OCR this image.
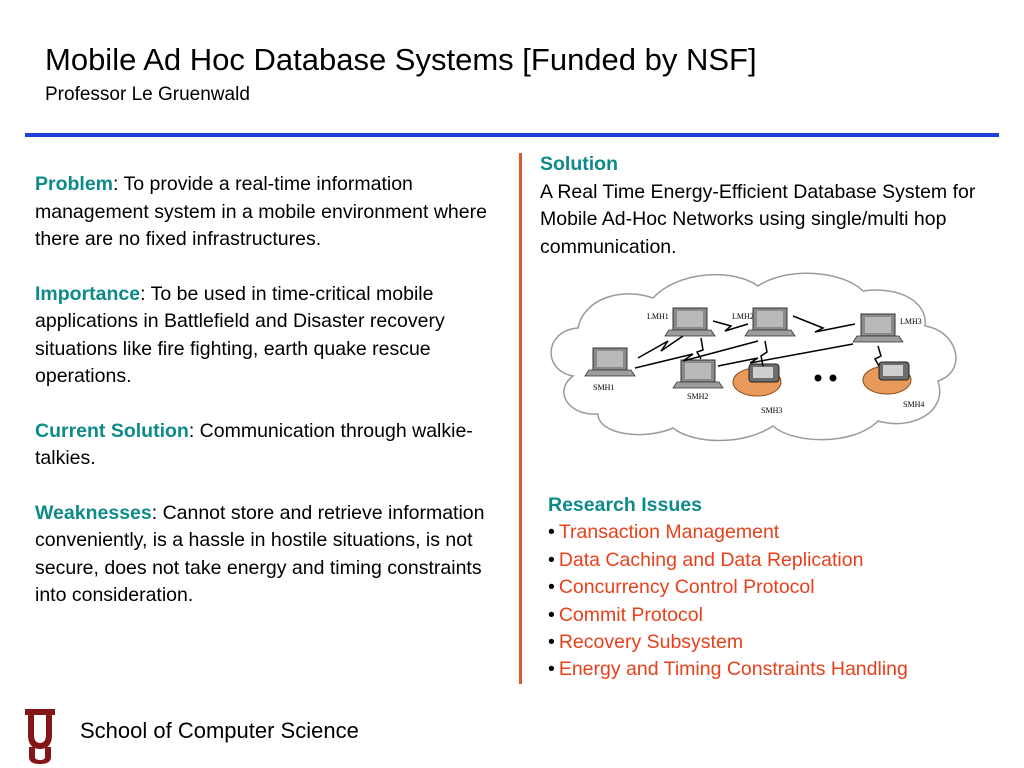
Mobile Ad Hoc Database Systems [Funded by NSF]
Professor Le Gruenwald

Problem: To provide a real-time information management system in a mobile environment where there are no fixed infrastructures.

Importance: To be used in time-critical mobile applications in Battlefield and Disaster recovery situations like fire fighting, earth quake rescue operations.

Current Solution: Communication through walkie-talkies.

Weaknesses: Cannot store and retrieve information conveniently, is a hassle in hostile situations, is not secure, does not take energy and timing constraints into consideration.

Solution
A Real Time Energy-Efficient Database System for Mobile Ad-Hoc Networks using single/multi hop communication.
LMH1	LMH2
LMH3
SMH1
SMH2
SMH3
SMH4
Research Issues
• Transaction Management
• Data Caching and Data Replication
• Concurrency Control Protocol
• Commit Protocol
• Recovery Subsystem
• Energy and Timing Constraints Handling
School of Computer Science
